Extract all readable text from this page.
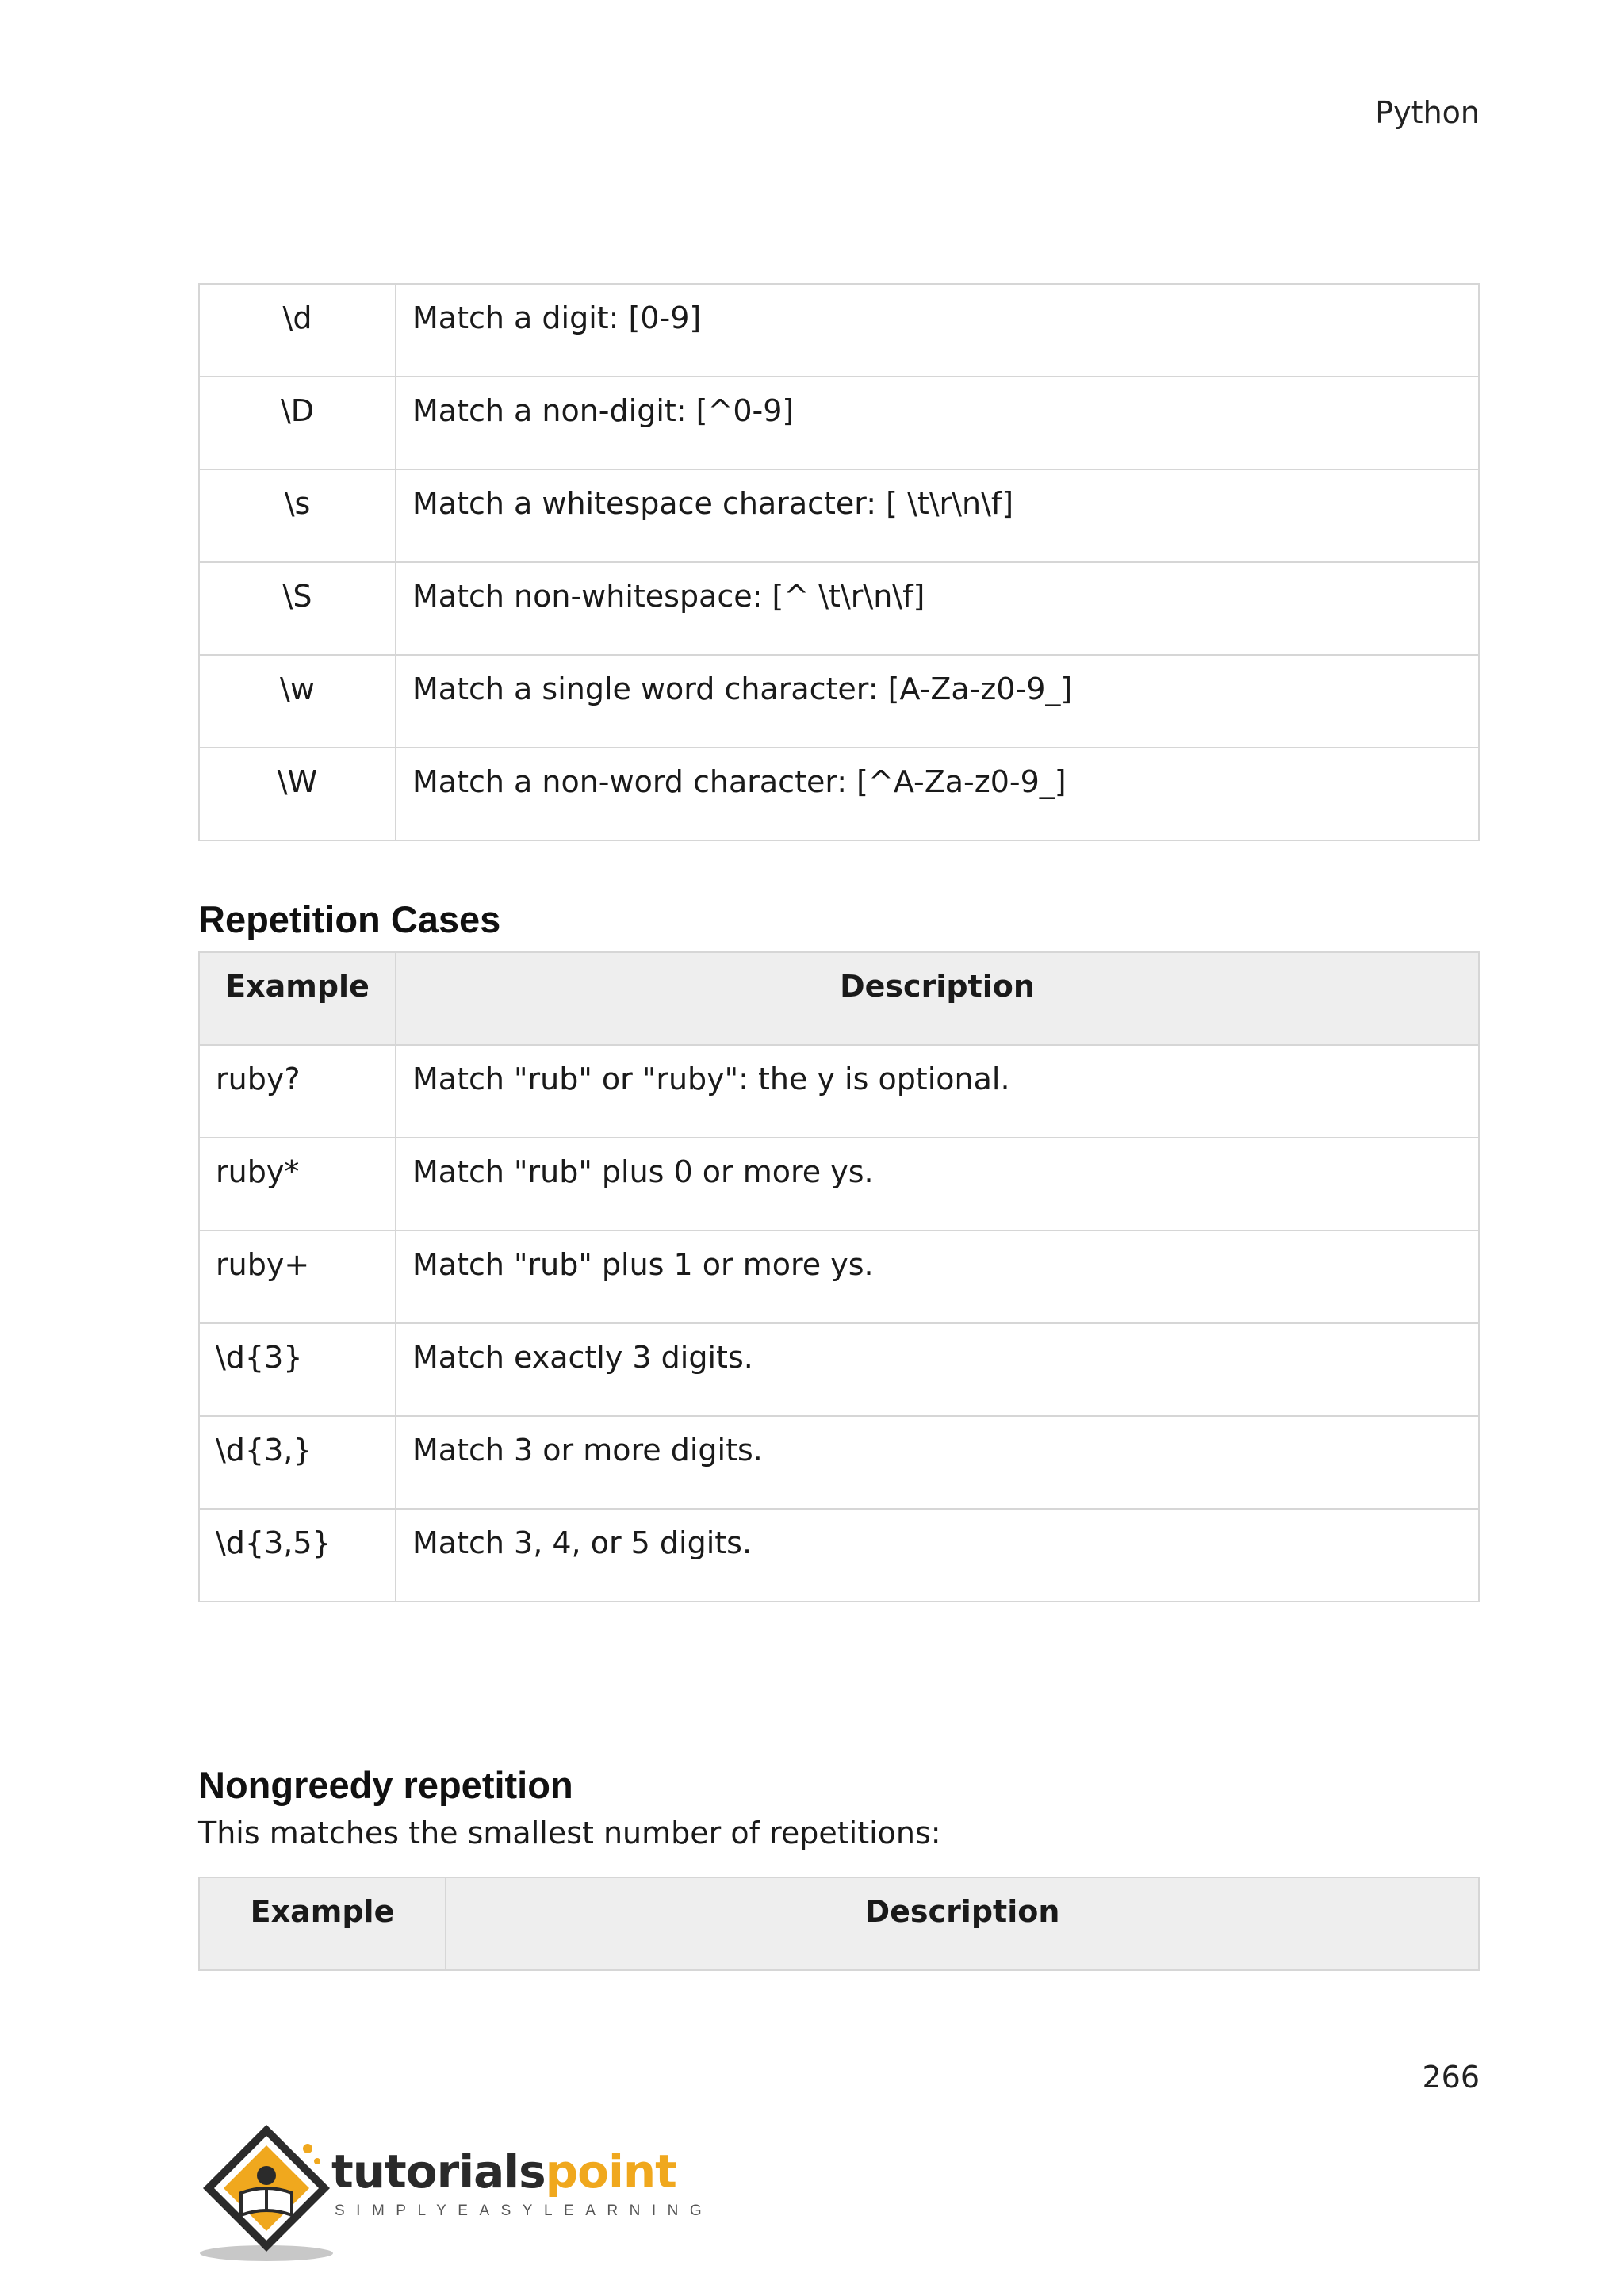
Python
\d	Match a digit: [0-9]
\D	Match a non-digit: [^0-9]
\s	Match a whitespace character: [ \t\r\n\f]
\S	Match non-whitespace: [^ \t\r\n\f]
\w	Match a single word character: [A-Za-z0-9_]
\W	Match a non-word character: [^A-Za-z0-9_]
Repetition Cases
Example	Description
ruby?	Match "rub" or "ruby": the y is optional.
ruby*	Match "rub" plus 0 or more ys.
ruby+	Match "rub" plus 1 or more ys.
\d{3}	Match exactly 3 digits.
\d{3,}	Match 3 or more digits.
\d{3,5}	Match 3, 4, or 5 digits.
Nongreedy repetition
This matches the smallest number of repetitions:
Example	Description
266
tutorialspoint
SIMPLYEASYLEARNING
